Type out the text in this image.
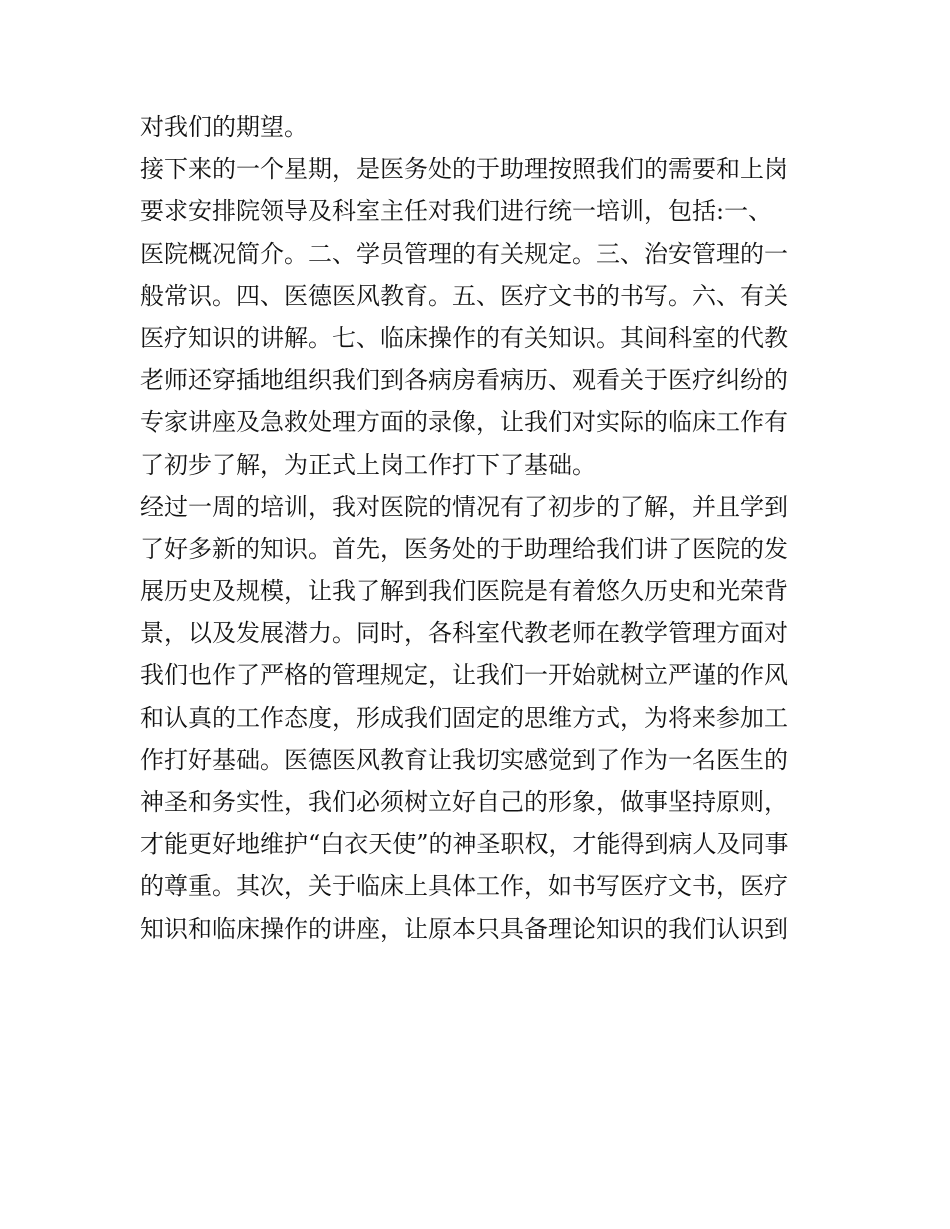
对我们的期望。
接下来的一个星期，是医务处的于助理按照我们的需要和上岗
要求安排院领导及科室主任对我们进行统一培训，包括:一、
医院概况简介。二、学员管理的有关规定。三、治安管理的一
般常识。四、医德医风教育。五、医疗文书的书写。六、有关
医疗知识的讲解。七、临床操作的有关知识。其间科室的代教
老师还穿插地组织我们到各病房看病历、观看关于医疗纠纷的
专家讲座及急救处理方面的录像，让我们对实际的临床工作有
了初步了解，为正式上岗工作打下了基础。
经过一周的培训，我对医院的情况有了初步的了解，并且学到
了好多新的知识。首先，医务处的于助理给我们讲了医院的发
展历史及规模，让我了解到我们医院是有着悠久历史和光荣背
景，以及发展潜力。同时，各科室代教老师在教学管理方面对
我们也作了严格的管理规定，让我们一开始就树立严谨的作风
和认真的工作态度，形成我们固定的思维方式，为将来参加工
作打好基础。医德医风教育让我切实感觉到了作为一名医生的
神圣和务实性，我们必须树立好自己的形象，做事坚持原则，
才能更好地维护“白衣天使”的神圣职权，才能得到病人及同事
的尊重。其次，关于临床上具体工作，如书写医疗文书，医疗
知识和临床操作的讲座，让原本只具备理论知识的我们认识到
